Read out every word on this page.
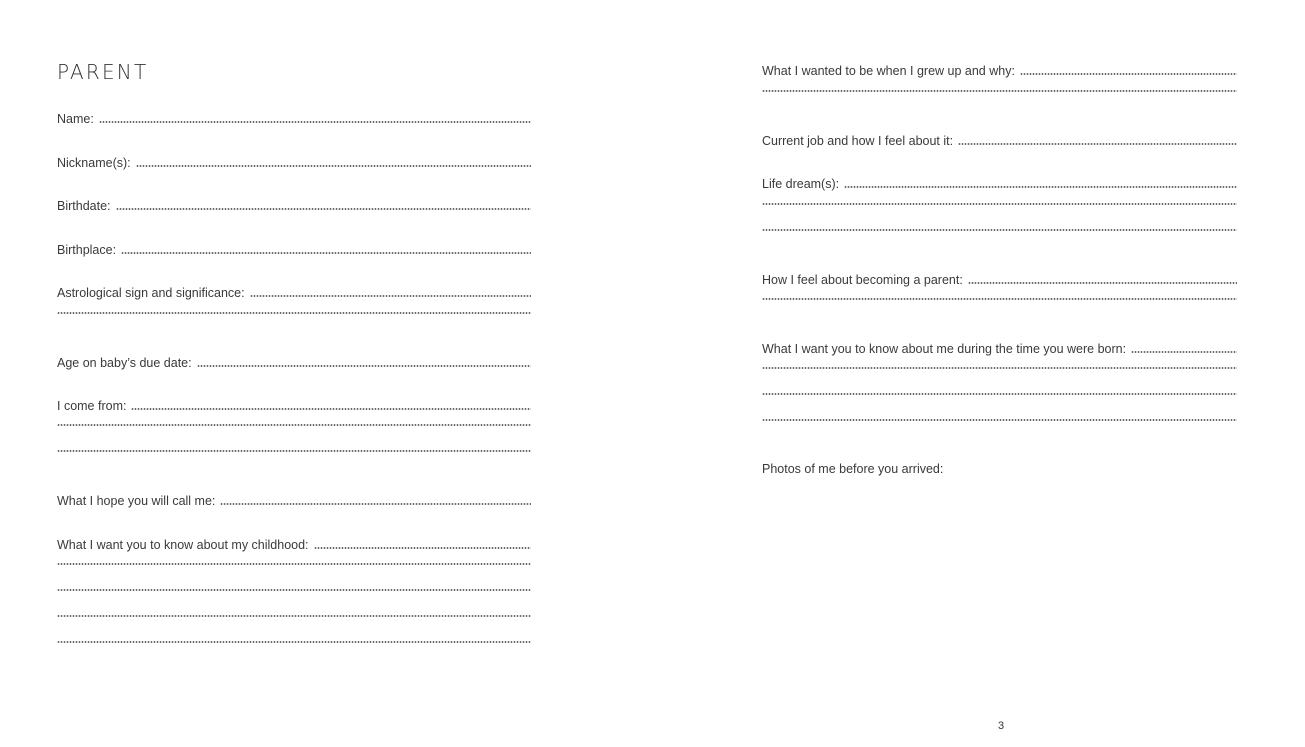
PARENT
Name:
Nickname(s):
Birthdate:
Birthplace:
Astrological sign and significance:
Age on baby’s due date:
I come from:
What I hope you will call me:
What I want you to know about my childhood:
What I wanted to be when I grew up and why:
Current job and how I feel about it:
Life dream(s):
How I feel about becoming a parent:
What I want you to know about me during the time you were born:
Photos of me before you arrived:
3
